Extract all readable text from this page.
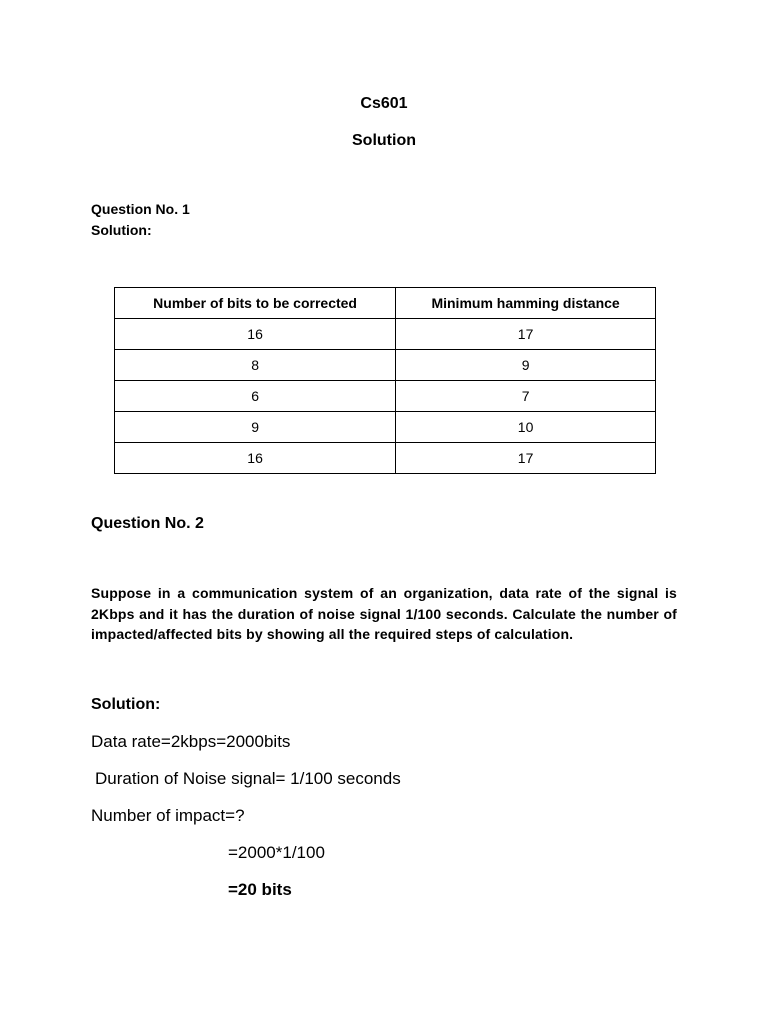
Cs601
Solution
Question No. 1
Solution:
Number of bits to be corrected	Minimum hamming distance
16	17
8	9
6	7
9	10
16	17
Question No. 2
Suppose in a communication system of an organization, data rate of the signal is 2Kbps and it has the duration of noise signal 1/100 seconds. Calculate the number of impacted/affected bits by showing all the required steps of calculation.
Solution:
Data rate=2kbps=2000bits
Duration of Noise signal= 1/100 seconds
Number of impact=?
=2000*1/100
=20 bits
